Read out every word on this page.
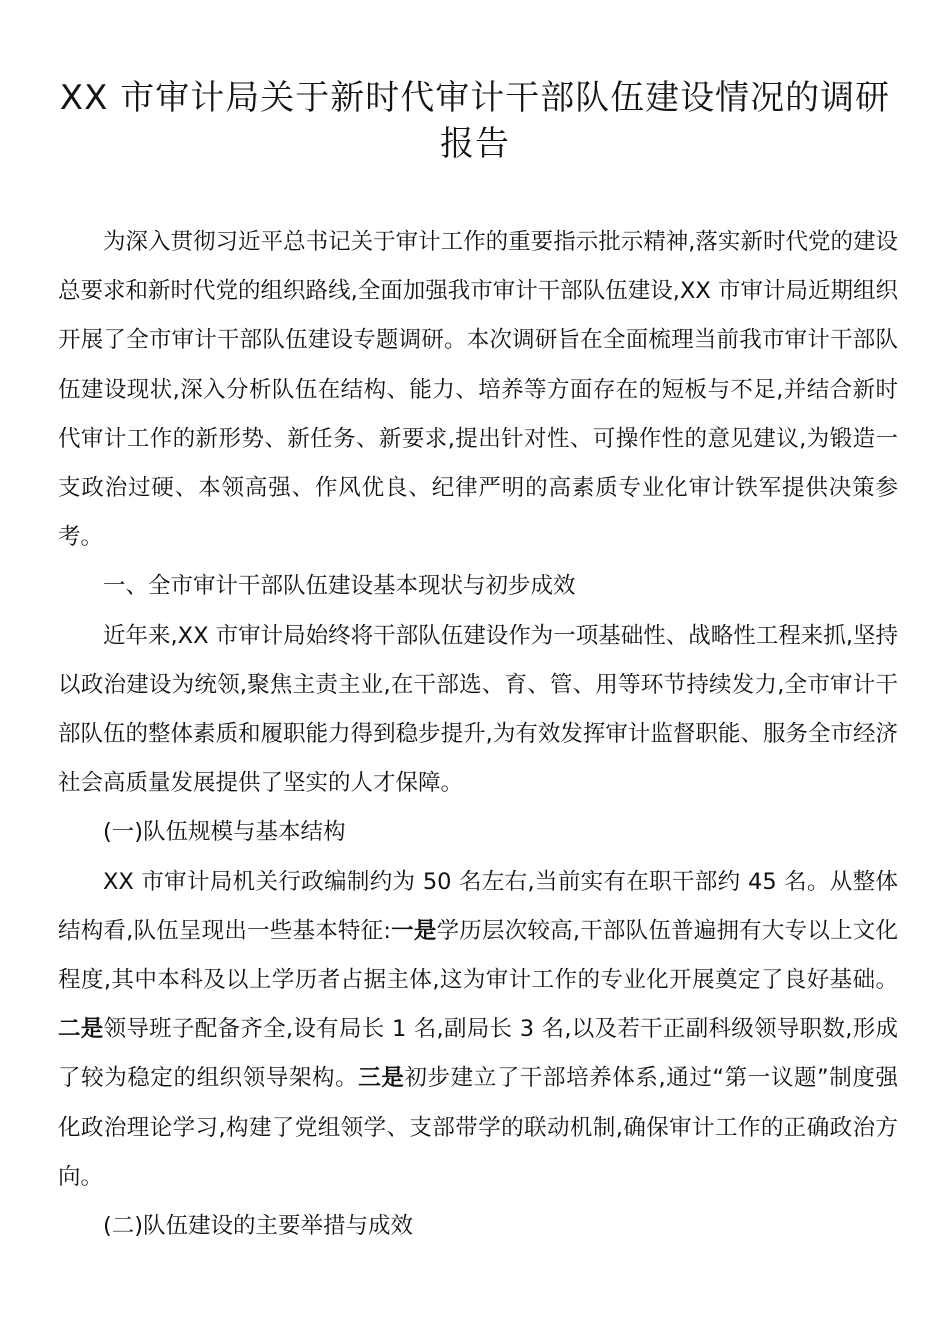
XX 市审计局关于新时代审计干部队伍建设情况的调研
报告

为深入贯彻习近平总书记关于审计工作的重要指示批示精神,落实新时代党的建设总要求和新时代党的组织路线,全面加强我市审计干部队伍建设,XX 市审计局近期组织开展了全市审计干部队伍建设专题调研。本次调研旨在全面梳理当前我市审计干部队伍建设现状,深入分析队伍在结构、能力、培养等方面存在的短板与不足,并结合新时代审计工作的新形势、新任务、新要求,提出针对性、可操作性的意见建议,为锻造一支政治过硬、本领高强、作风优良、纪律严明的高素质专业化审计铁军提供决策参考。

一、全市审计干部队伍建设基本现状与初步成效

近年来,XX 市审计局始终将干部队伍建设作为一项基础性、战略性工程来抓,坚持以政治建设为统领,聚焦主责主业,在干部选、育、管、用等环节持续发力,全市审计干部队伍的整体素质和履职能力得到稳步提升,为有效发挥审计监督职能、服务全市经济社会高质量发展提供了坚实的人才保障。

(一)队伍规模与基本结构

XX 市审计局机关行政编制约为 50 名左右,当前实有在职干部约 45 名。从整体结构看,队伍呈现出一些基本特征:一是学历层次较高,干部队伍普遍拥有大专以上文化程度,其中本科及以上学历者占据主体,这为审计工作的专业化开展奠定了良好基础。二是领导班子配备齐全,设有局长 1 名,副局长 3 名,以及若干正副科级领导职数,形成了较为稳定的组织领导架构。三是初步建立了干部培养体系,通过“第一议题”制度强化政治理论学习,构建了党组领学、支部带学的联动机制,确保审计工作的正确政治方向。

(二)队伍建设的主要举措与成效
